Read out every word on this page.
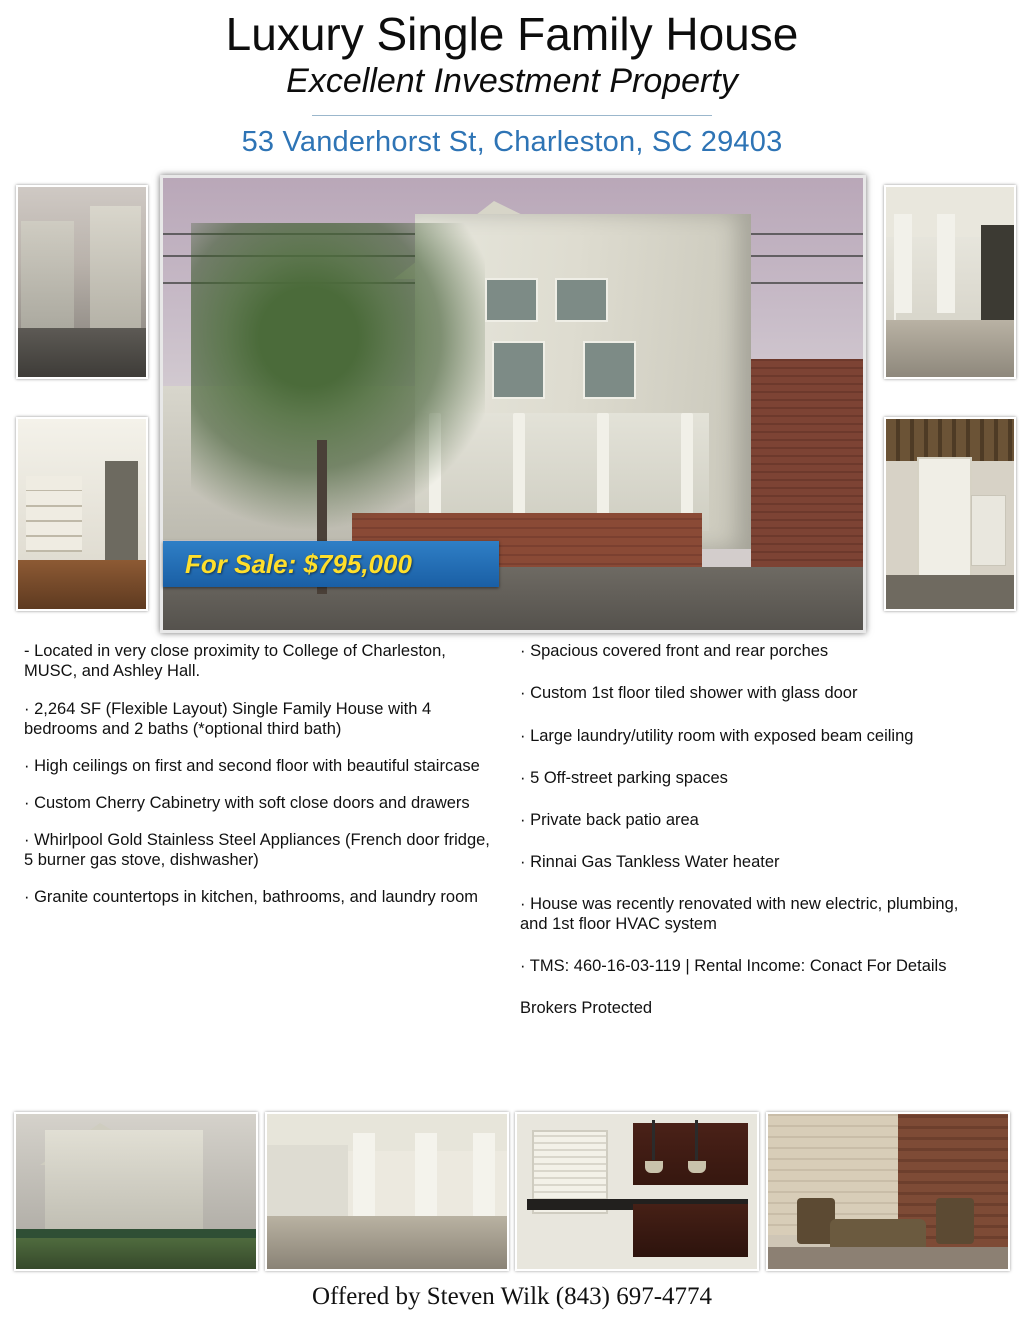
Luxury Single Family House
Excellent Investment Property
53 Vanderhorst St, Charleston, SC 29403
For Sale: $795,000
- Located in very close proximity to College of Charleston, MUSC, and Ashley Hall.
· 2,264 SF (Flexible Layout) Single Family House with 4 bedrooms and 2 baths (*optional third bath)
· High ceilings on first and second floor with beautiful staircase
· Custom Cherry Cabinetry with soft close doors and drawers
· Whirlpool Gold Stainless Steel Appliances (French door fridge, 5 burner gas stove, dishwasher)
· Granite countertops in kitchen, bathrooms, and laundry room
· Spacious covered front and rear porches
· Custom 1st floor tiled shower with glass door
· Large laundry/utility room with exposed beam ceiling
· 5 Off-street parking spaces
· Private back patio area
· Rinnai Gas Tankless Water heater
· House was recently renovated with new electric, plumbing, and 1st floor HVAC system
· TMS: 460-16-03-119 | Rental Income: Conact For Details
Brokers Protected
Offered by Steven Wilk (843) 697-4774
